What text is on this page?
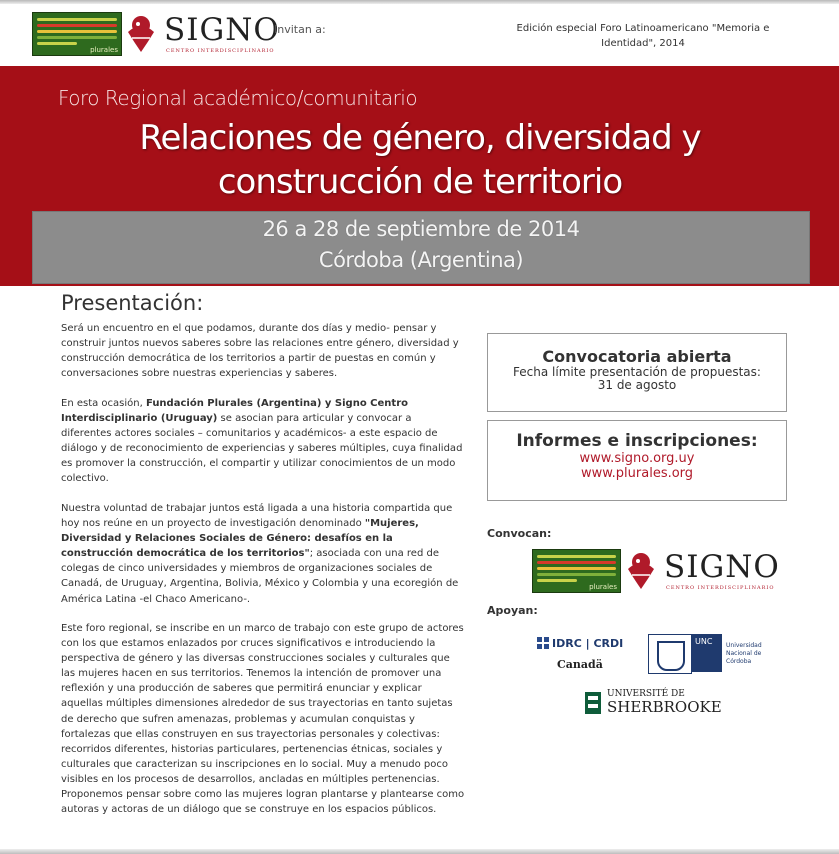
plurales
SIGNO
CENTRO INTERDISCIPLINARIO
Invitan a:	Edición especial Foro Latinoamericano "Memoria e Identidad", 2014
Foro Regional académico/comunitario
Relaciones de género, diversidad y
construcción de territorio
26 a 28 de septiembre de 2014
Córdoba (Argentina)
Presentación:
Será un encuentro en el que podamos, durante dos días y medio- pensar y construir juntos nuevos saberes sobre las relaciones entre género, diversidad y construcción democrática de los territorios a partir de puestas en común y conversaciones sobre nuestras experiencias y saberes.
En esta ocasión, Fundación Plurales (Argentina) y Signo Centro Interdisciplinario (Uruguay) se asocian para articular y convocar a diferentes actores sociales – comunitarios y académicos- a este espacio de diálogo y de reconocimiento de experiencias y saberes múltiples, cuya finalidad es promover la construcción, el compartir y utilizar conocimientos de un modo colectivo.
Nuestra voluntad de trabajar juntos está ligada a una historia compartida que hoy nos reúne en un proyecto de investigación denominado "Mujeres, Diversidad y Relaciones Sociales de Género: desafíos en la construcción democrática de los territorios"; asociada con una red de colegas de cinco universidades y miembros de organizaciones sociales de Canadá, de Uruguay, Argentina, Bolivia, México y Colombia y una ecoregión de América Latina -el Chaco Americano-.
Este foro regional, se inscribe en un marco de trabajo con este grupo de actores con los que estamos enlazados por cruces significativos e introduciendo la perspectiva de género y las diversas construcciones sociales y culturales que las mujeres hacen en sus territorios. Tenemos la intención de promover una reflexión y una producción de saberes que permitirá enunciar y explicar aquellas múltiples dimensiones alrededor de sus trayectorias en tanto sujetas de derecho que sufren amenazas, problemas y acumulan conquistas y fortalezas que ellas construyen en sus trayectorias personales y colectivas: recorridos diferentes, historias particulares, pertenencias étnicas, sociales y culturales que caracterizan su inscripciones en lo social. Muy a menudo poco visibles en los procesos de desarrollos, ancladas en múltiples pertenencias. Proponemos pensar sobre como las mujeres logran plantarse y plantearse como autoras y actoras de un diálogo que se construye en los espacios públicos.
Convocatoria abierta
Fecha límite presentación de propuestas:
31 de agosto
Informes e inscripciones:
www.signo.org.uy
www.plurales.org
Convocan:
plurales
SIGNO
CENTRO INTERDISCIPLINARIO
Apoyan:
IDRC | CRDI
Canadä
UNC Universidad Nacional de Córdoba
UNIVERSITÉ DE
SHERBROOKE
